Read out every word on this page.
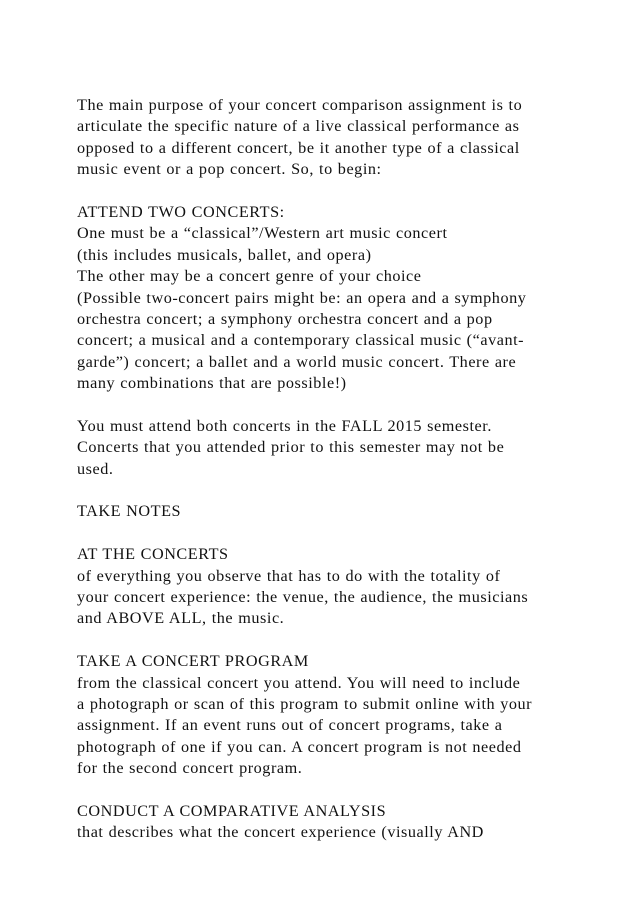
The main purpose of your concert comparison assignment is to
articulate the specific nature of a live classical performance as
opposed to a different concert, be it another type of a classical
music event or a pop concert. So, to begin:
ATTEND TWO CONCERTS:
One must be a “classical”/Western art music concert
(this includes musicals, ballet, and opera)
The other may be a concert genre of your choice
(Possible two-concert pairs might be: an opera and a symphony
orchestra concert; a symphony orchestra concert and a pop
concert; a musical and a contemporary classical music (“avant-
garde”) concert; a ballet and a world music concert. There are
many combinations that are possible!)
You must attend both concerts in the FALL 2015 semester.
Concerts that you attended prior to this semester may not be
used.
TAKE NOTES
AT THE CONCERTS
of everything you observe that has to do with the totality of
your concert experience: the venue, the audience, the musicians
and ABOVE ALL, the music.
TAKE A CONCERT PROGRAM
from the classical concert you attend. You will need to include
a photograph or scan of this program to submit online with your
assignment. If an event runs out of concert programs, take a
photograph of one if you can. A concert program is not needed
for the second concert program.
CONDUCT A COMPARATIVE ANALYSIS
that describes what the concert experience (visually AND
